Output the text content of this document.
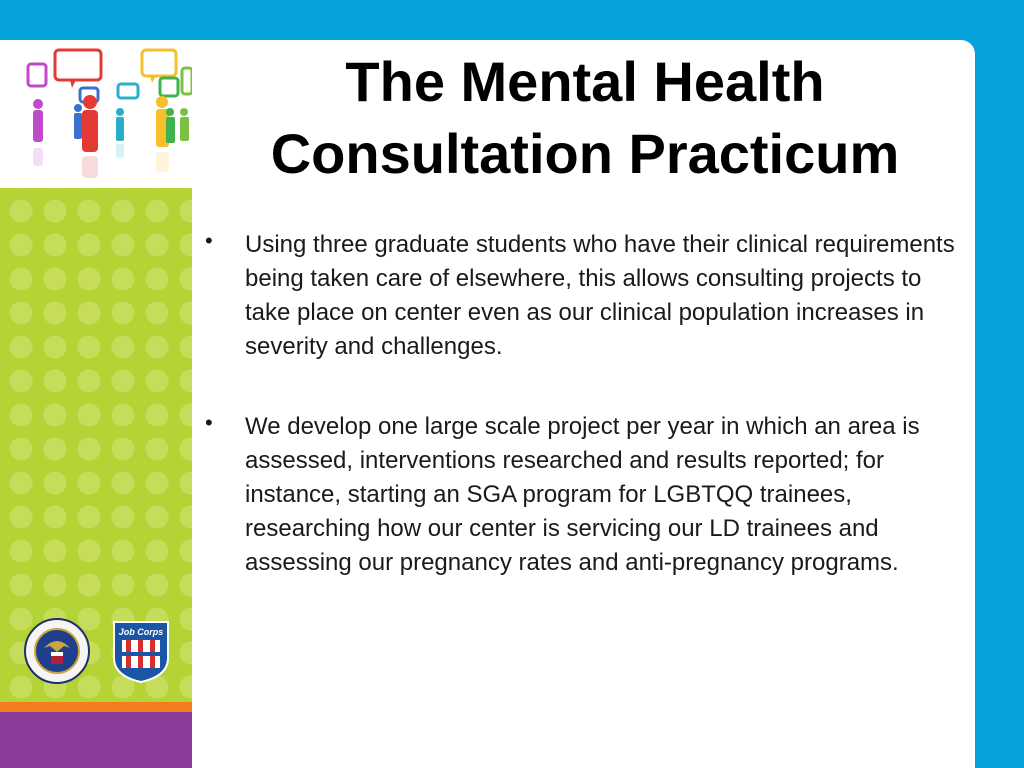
Job Corps
The Mental Health
Consultation Practicum
• Using three graduate students who have their clinical requirements being taken care of elsewhere, this allows consulting projects to take place on center even as our clinical population increases in severity and challenges.
• We develop one large scale project per year in which an area is assessed, interventions researched and results reported; for instance, starting an SGA program for LGBTQQ trainees, researching how our center is servicing our LD trainees and assessing our pregnancy rates and anti-pregnancy programs.
